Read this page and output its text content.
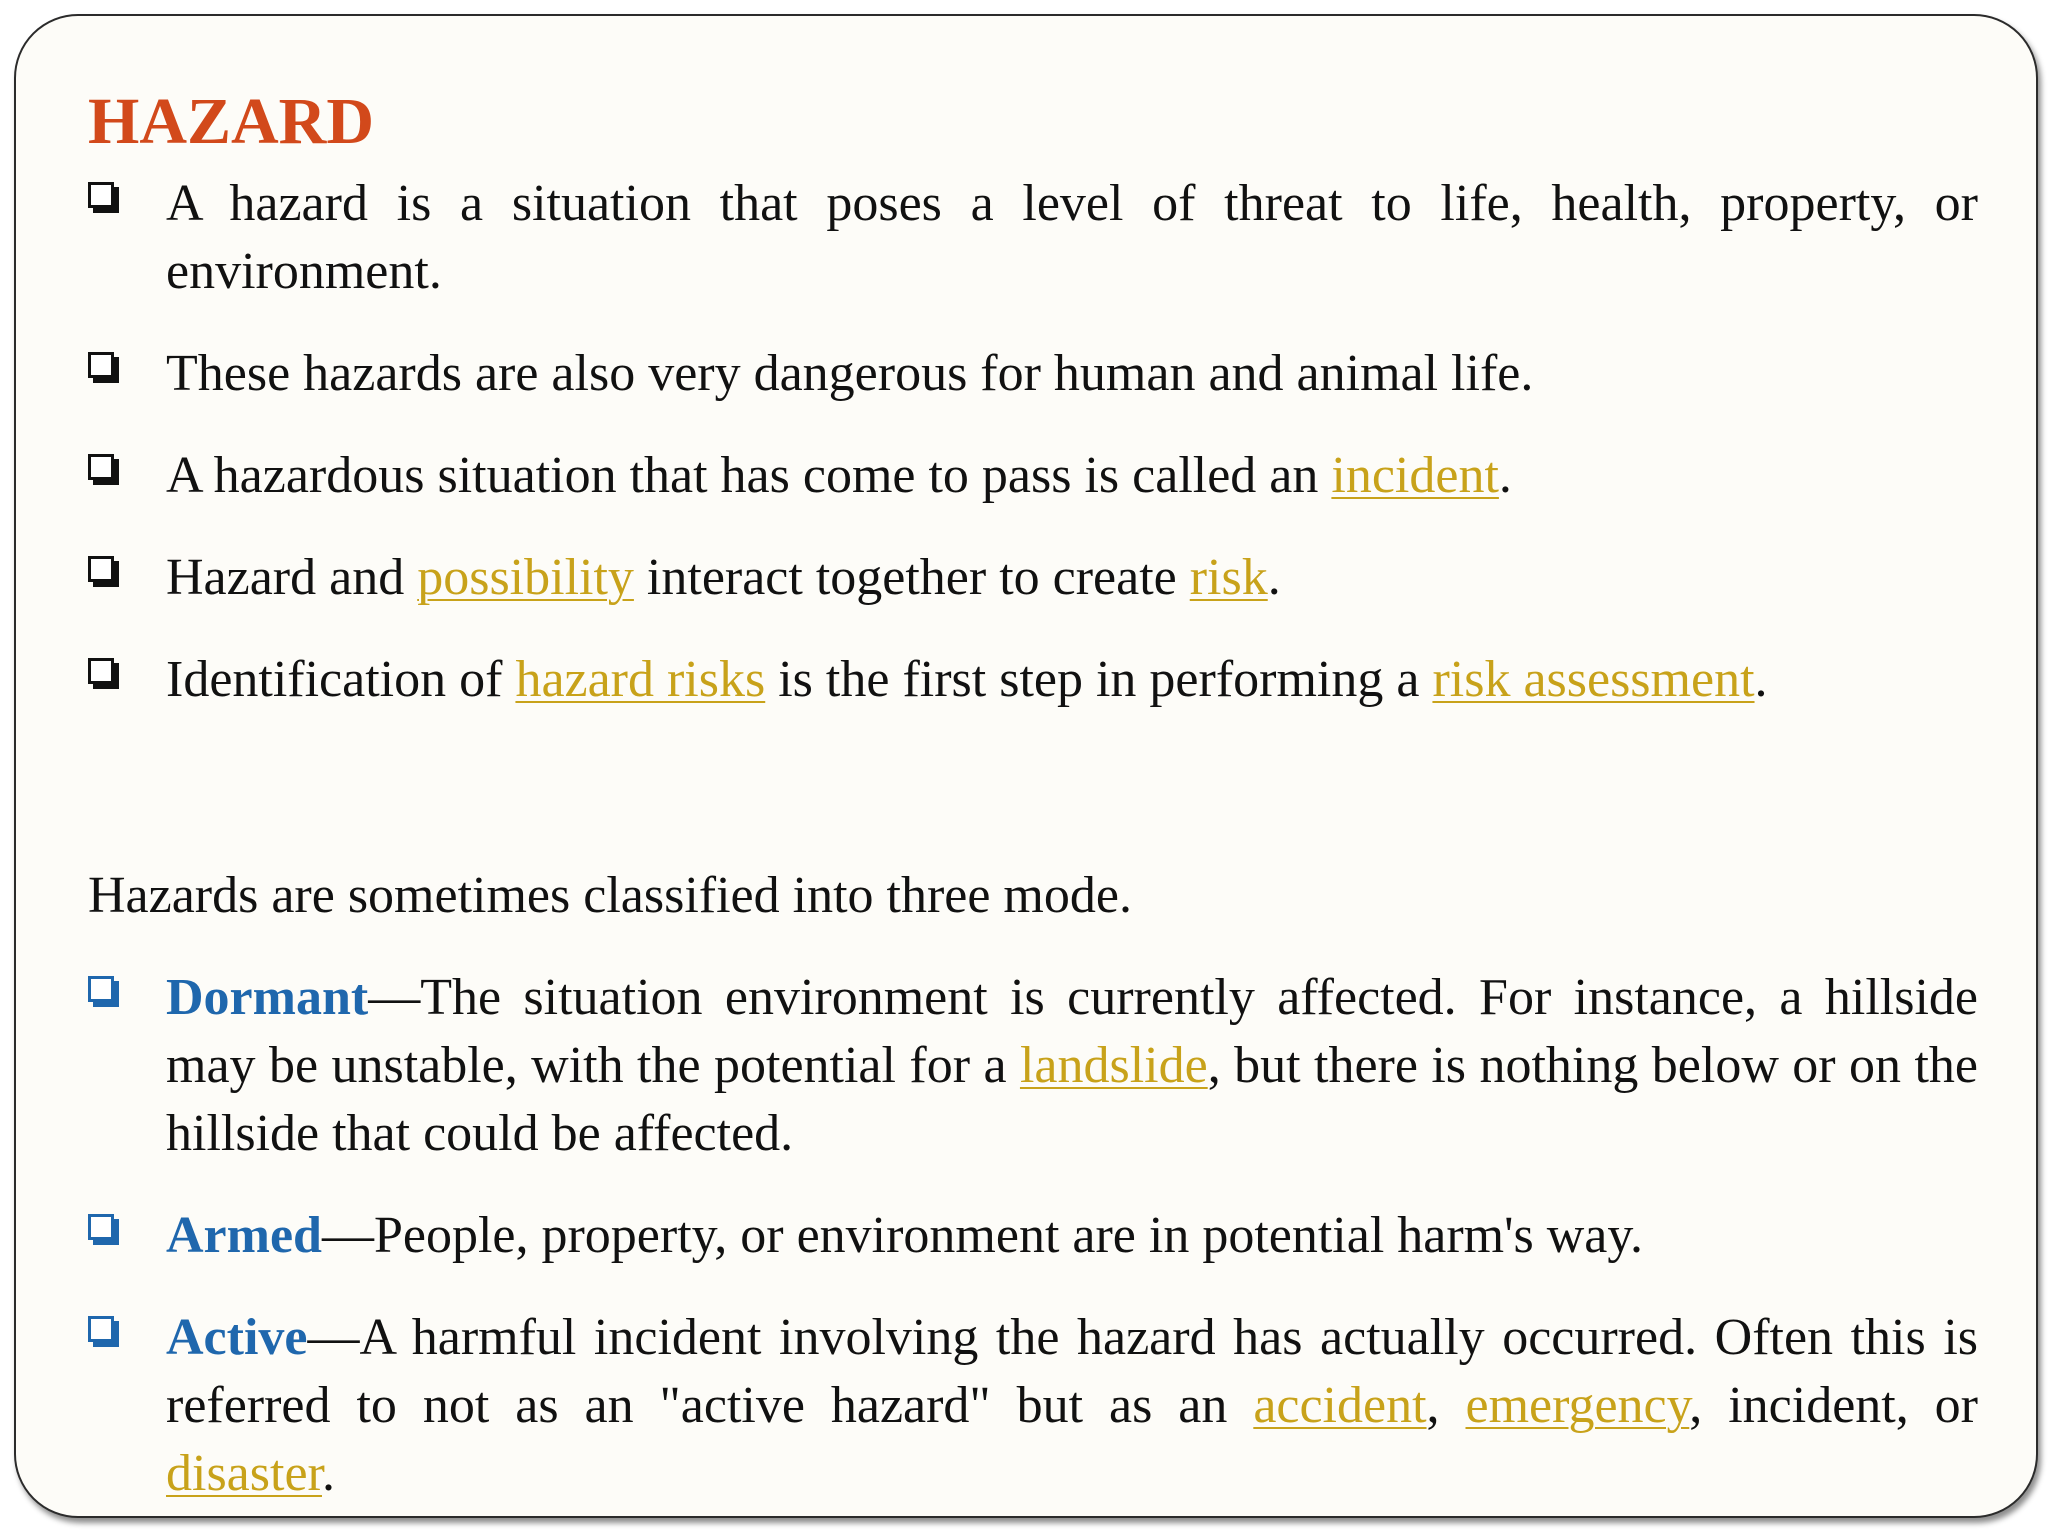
HAZARD
A hazard is a situation that poses a level of threat to life, health, property, or environment.
These hazards are also very dangerous for human and animal life.
A hazardous situation that has come to pass is called an incident.
Hazard and possibility interact together to create risk.
Identification of hazard risks is the first step in performing a risk assessment.
Hazards are sometimes classified into three mode.
Dormant—The situation environment is currently affected. For instance, a hillside may be unstable, with the potential for a landslide, but there is nothing below or on the hillside that could be affected.
Armed—People, property, or environment are in potential harm's way.
Active—A harmful incident involving the hazard has actually occurred. Often this is referred to not as an "active hazard" but as an accident, emergency, incident, or disaster.
